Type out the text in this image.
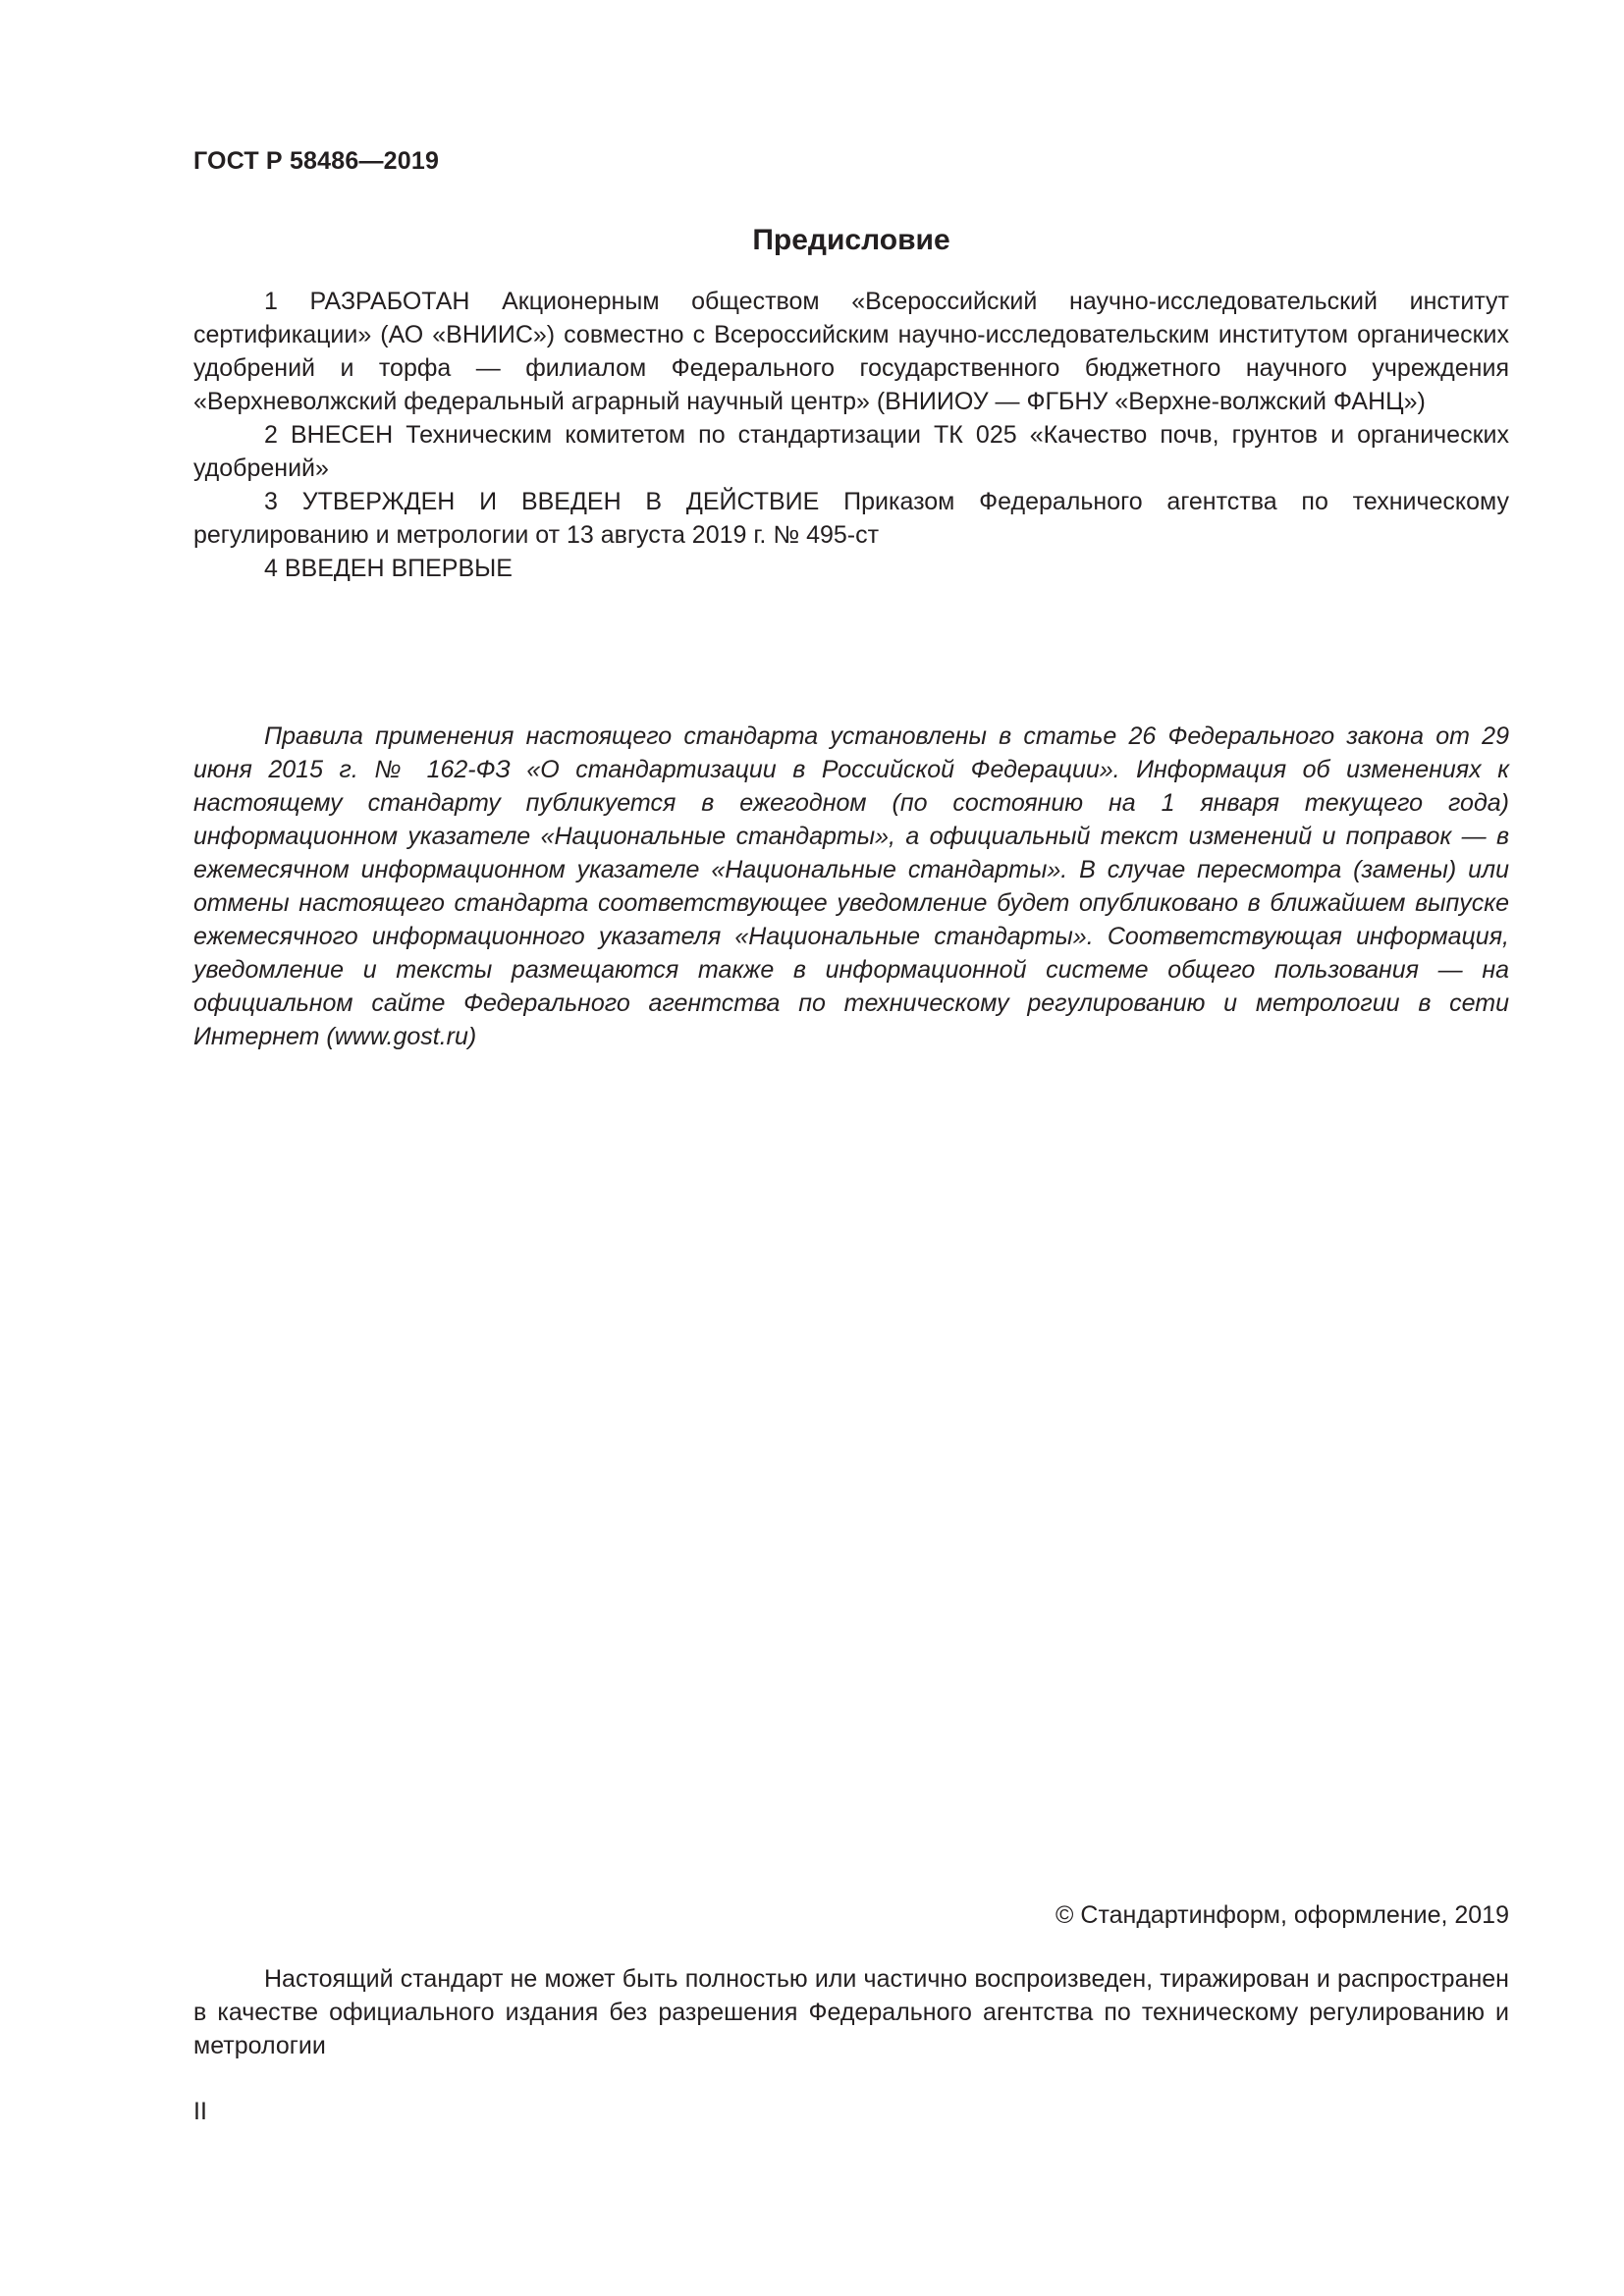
ГОСТ Р 58486—2019
Предисловие

1 РАЗРАБОТАН Акционерным обществом «Всероссийский научно-исследовательский институт сертификации» (АО «ВНИИС») совместно с Всероссийским научно-исследовательским институтом органических удобрений и торфа — филиалом Федерального государственного бюджетного научного учреждения «Верхневолжский федеральный аграрный научный центр» (ВНИИОУ — ФГБНУ «Верхне-волжский ФАНЦ»)

2 ВНЕСЕН Техническим комитетом по стандартизации ТК 025 «Качество почв, грунтов и органических удобрений»

3 УТВЕРЖДЕН И ВВЕДЕН В ДЕЙСТВИЕ Приказом Федерального агентства по техническому регулированию и метрологии от 13 августа 2019 г. № 495-ст

4 ВВЕДЕН ВПЕРВЫЕ

Правила применения настоящего стандарта установлены в статье 26 Федерального закона от 29 июня 2015 г. № 162-ФЗ «О стандартизации в Российской Федерации». Информация об изменениях к настоящему стандарту публикуется в ежегодном (по состоянию на 1 января текущего года) информационном указателе «Национальные стандарты», а официальный текст изменений и поправок — в ежемесячном информационном указателе «Национальные стандарты». В случае пересмотра (замены) или отмены настоящего стандарта соответствующее уведомление будет опубликовано в ближайшем выпуске ежемесячного информационного указателя «Национальные стандарты». Соответствующая информация, уведомление и тексты размещаются также в информационной системе общего пользования — на официальном сайте Федерального агентства по техническому регулированию и метрологии в сети Интернет (www.gost.ru)

© Стандартинформ, оформление, 2019

Настоящий стандарт не может быть полностью или частично воспроизведен, тиражирован и распространен в качестве официального издания без разрешения Федерального агентства по техническому регулированию и метрологии

II
